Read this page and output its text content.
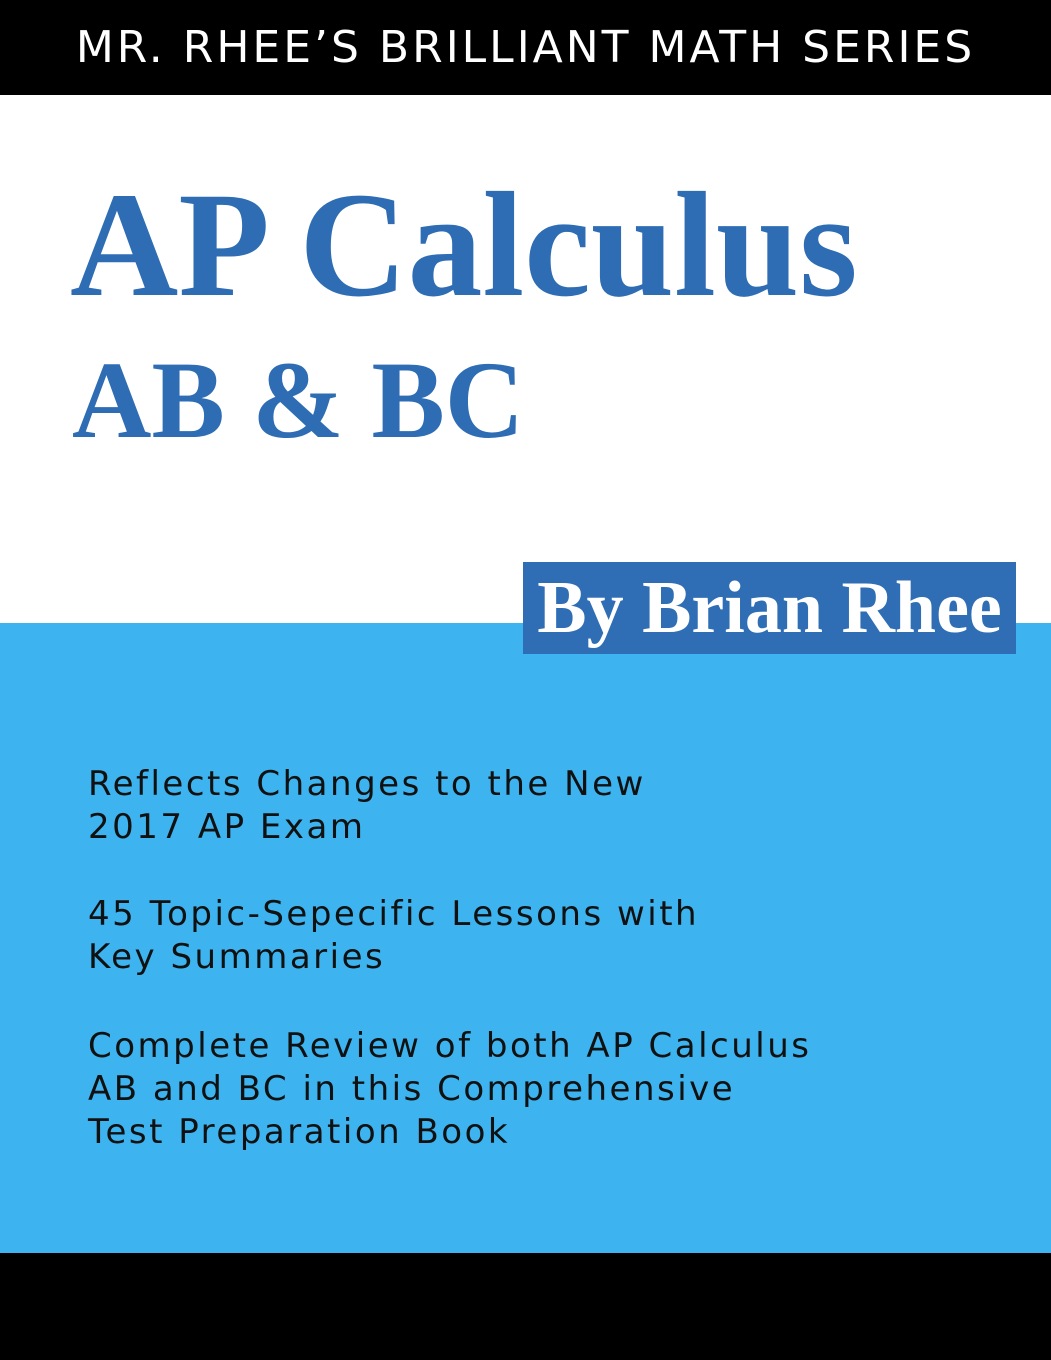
MR. RHEE’S BRILLIANT MATH SERIES
AP Calculus
AB & BC
By Brian Rhee
Reflects Changes to the New
2017 AP Exam
45 Topic-Sepecific Lessons with
Key Summaries
Complete Review of both AP Calculus
AB and BC in this Comprehensive
Test Preparation Book
